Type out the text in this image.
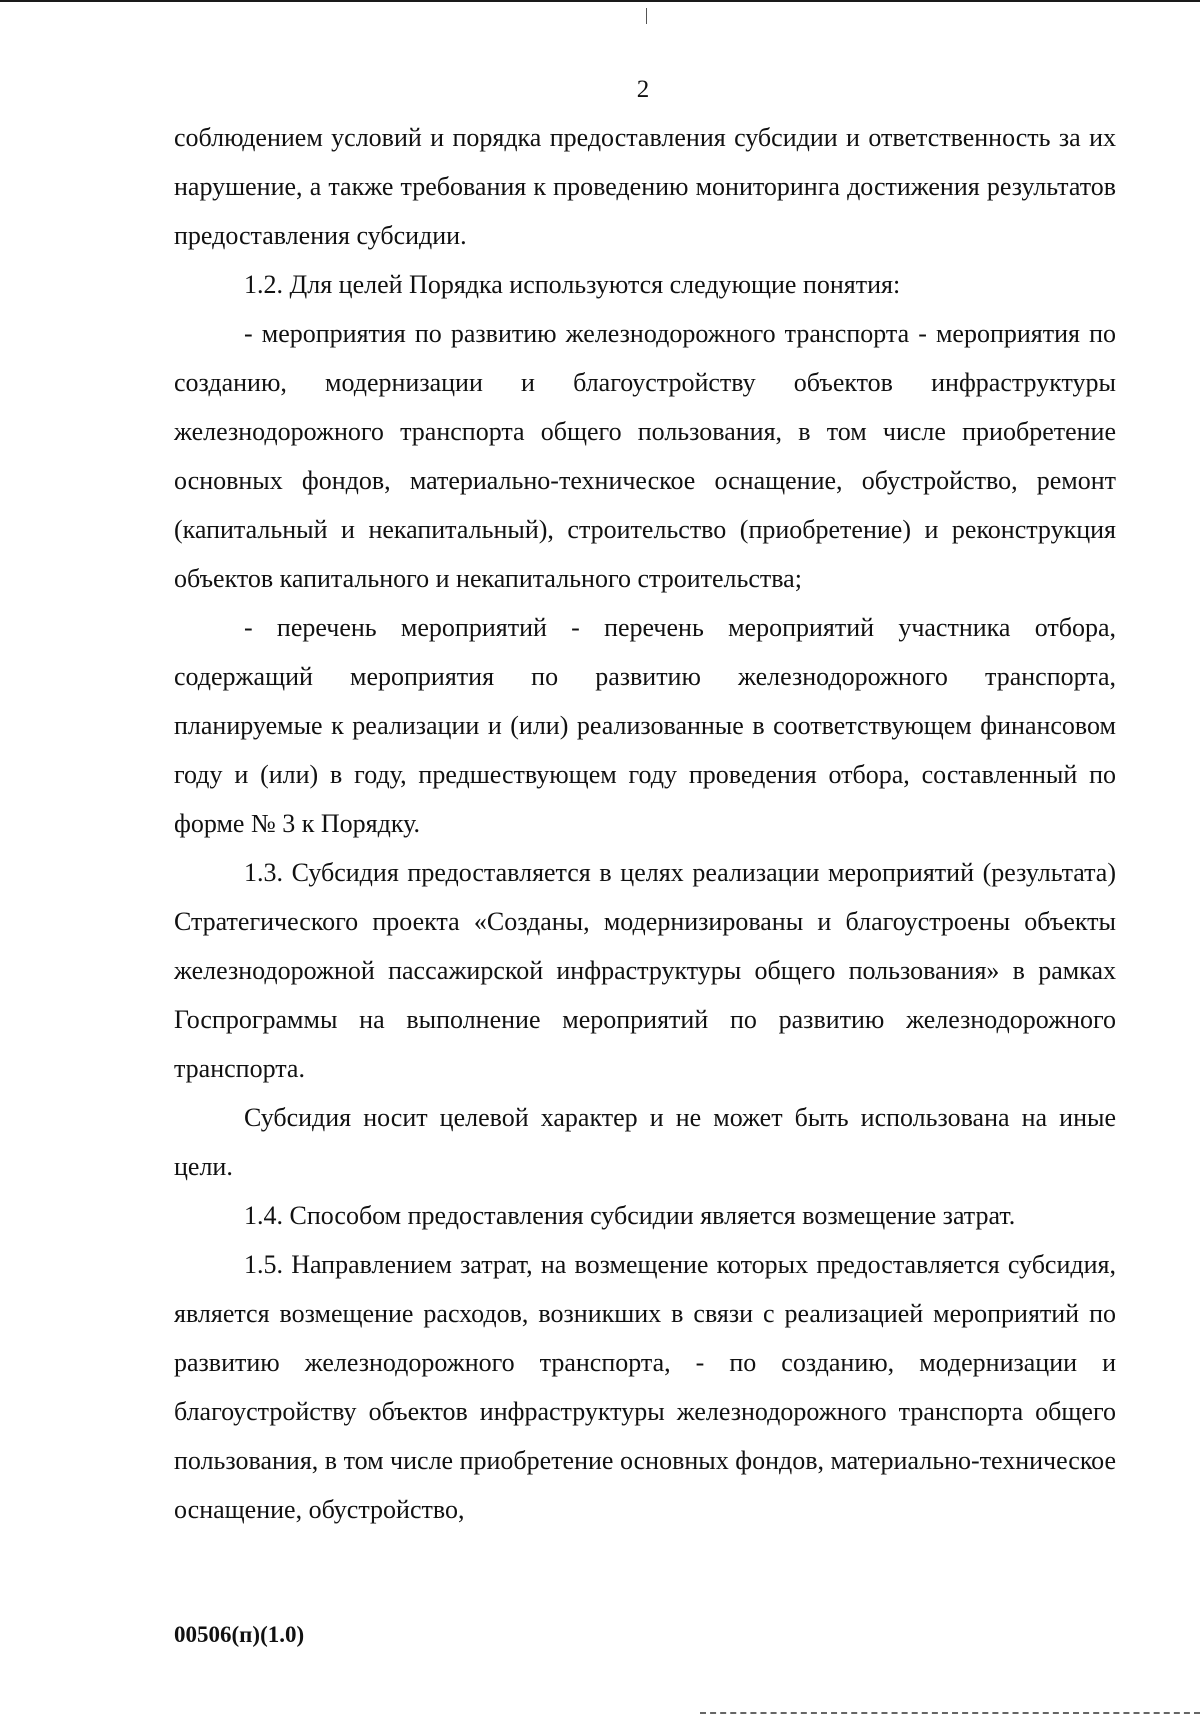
2

соблюдением условий и порядка предоставления субсидии и ответственность за их нарушение, а также требования к проведению мониторинга достижения результатов предоставления субсидии.

1.2. Для целей Порядка используются следующие понятия:

- мероприятия по развитию железнодорожного транспорта - мероприятия по созданию, модернизации и благоустройству объектов инфраструктуры железнодорожного транспорта общего пользования, в том числе приобретение основных фондов, материально-техническое оснащение, обустройство, ремонт (капитальный и некапитальный), строительство (приобретение) и реконструкция объектов капитального и некапитального строительства;

- перечень мероприятий - перечень мероприятий участника отбора, содержащий мероприятия по развитию железнодорожного транспорта, планируемые к реализации и (или) реализованные в соответствующем финансовом году и (или) в году, предшествующем году проведения отбора, составленный по форме № 3 к Порядку.

1.3. Субсидия предоставляется в целях реализации мероприятий (результата) Стратегического проекта «Созданы, модернизированы и благоустроены объекты железнодорожной пассажирской инфраструктуры общего пользования» в рамках Госпрограммы на выполнение мероприятий по развитию железнодорожного транспорта.

Субсидия носит целевой характер и не может быть использована на иные цели.

1.4. Способом предоставления субсидии является возмещение затрат.

1.5. Направлением затрат, на возмещение которых предоставляется субсидия, является возмещение расходов, возникших в связи с реализацией мероприятий по развитию железнодорожного транспорта, - по созданию, модернизации и благоустройству объектов инфраструктуры железнодорожного транспорта общего пользования, в том числе приобретение основных фондов, материально-техническое оснащение, обустройство,

00506(п)(1.0)
